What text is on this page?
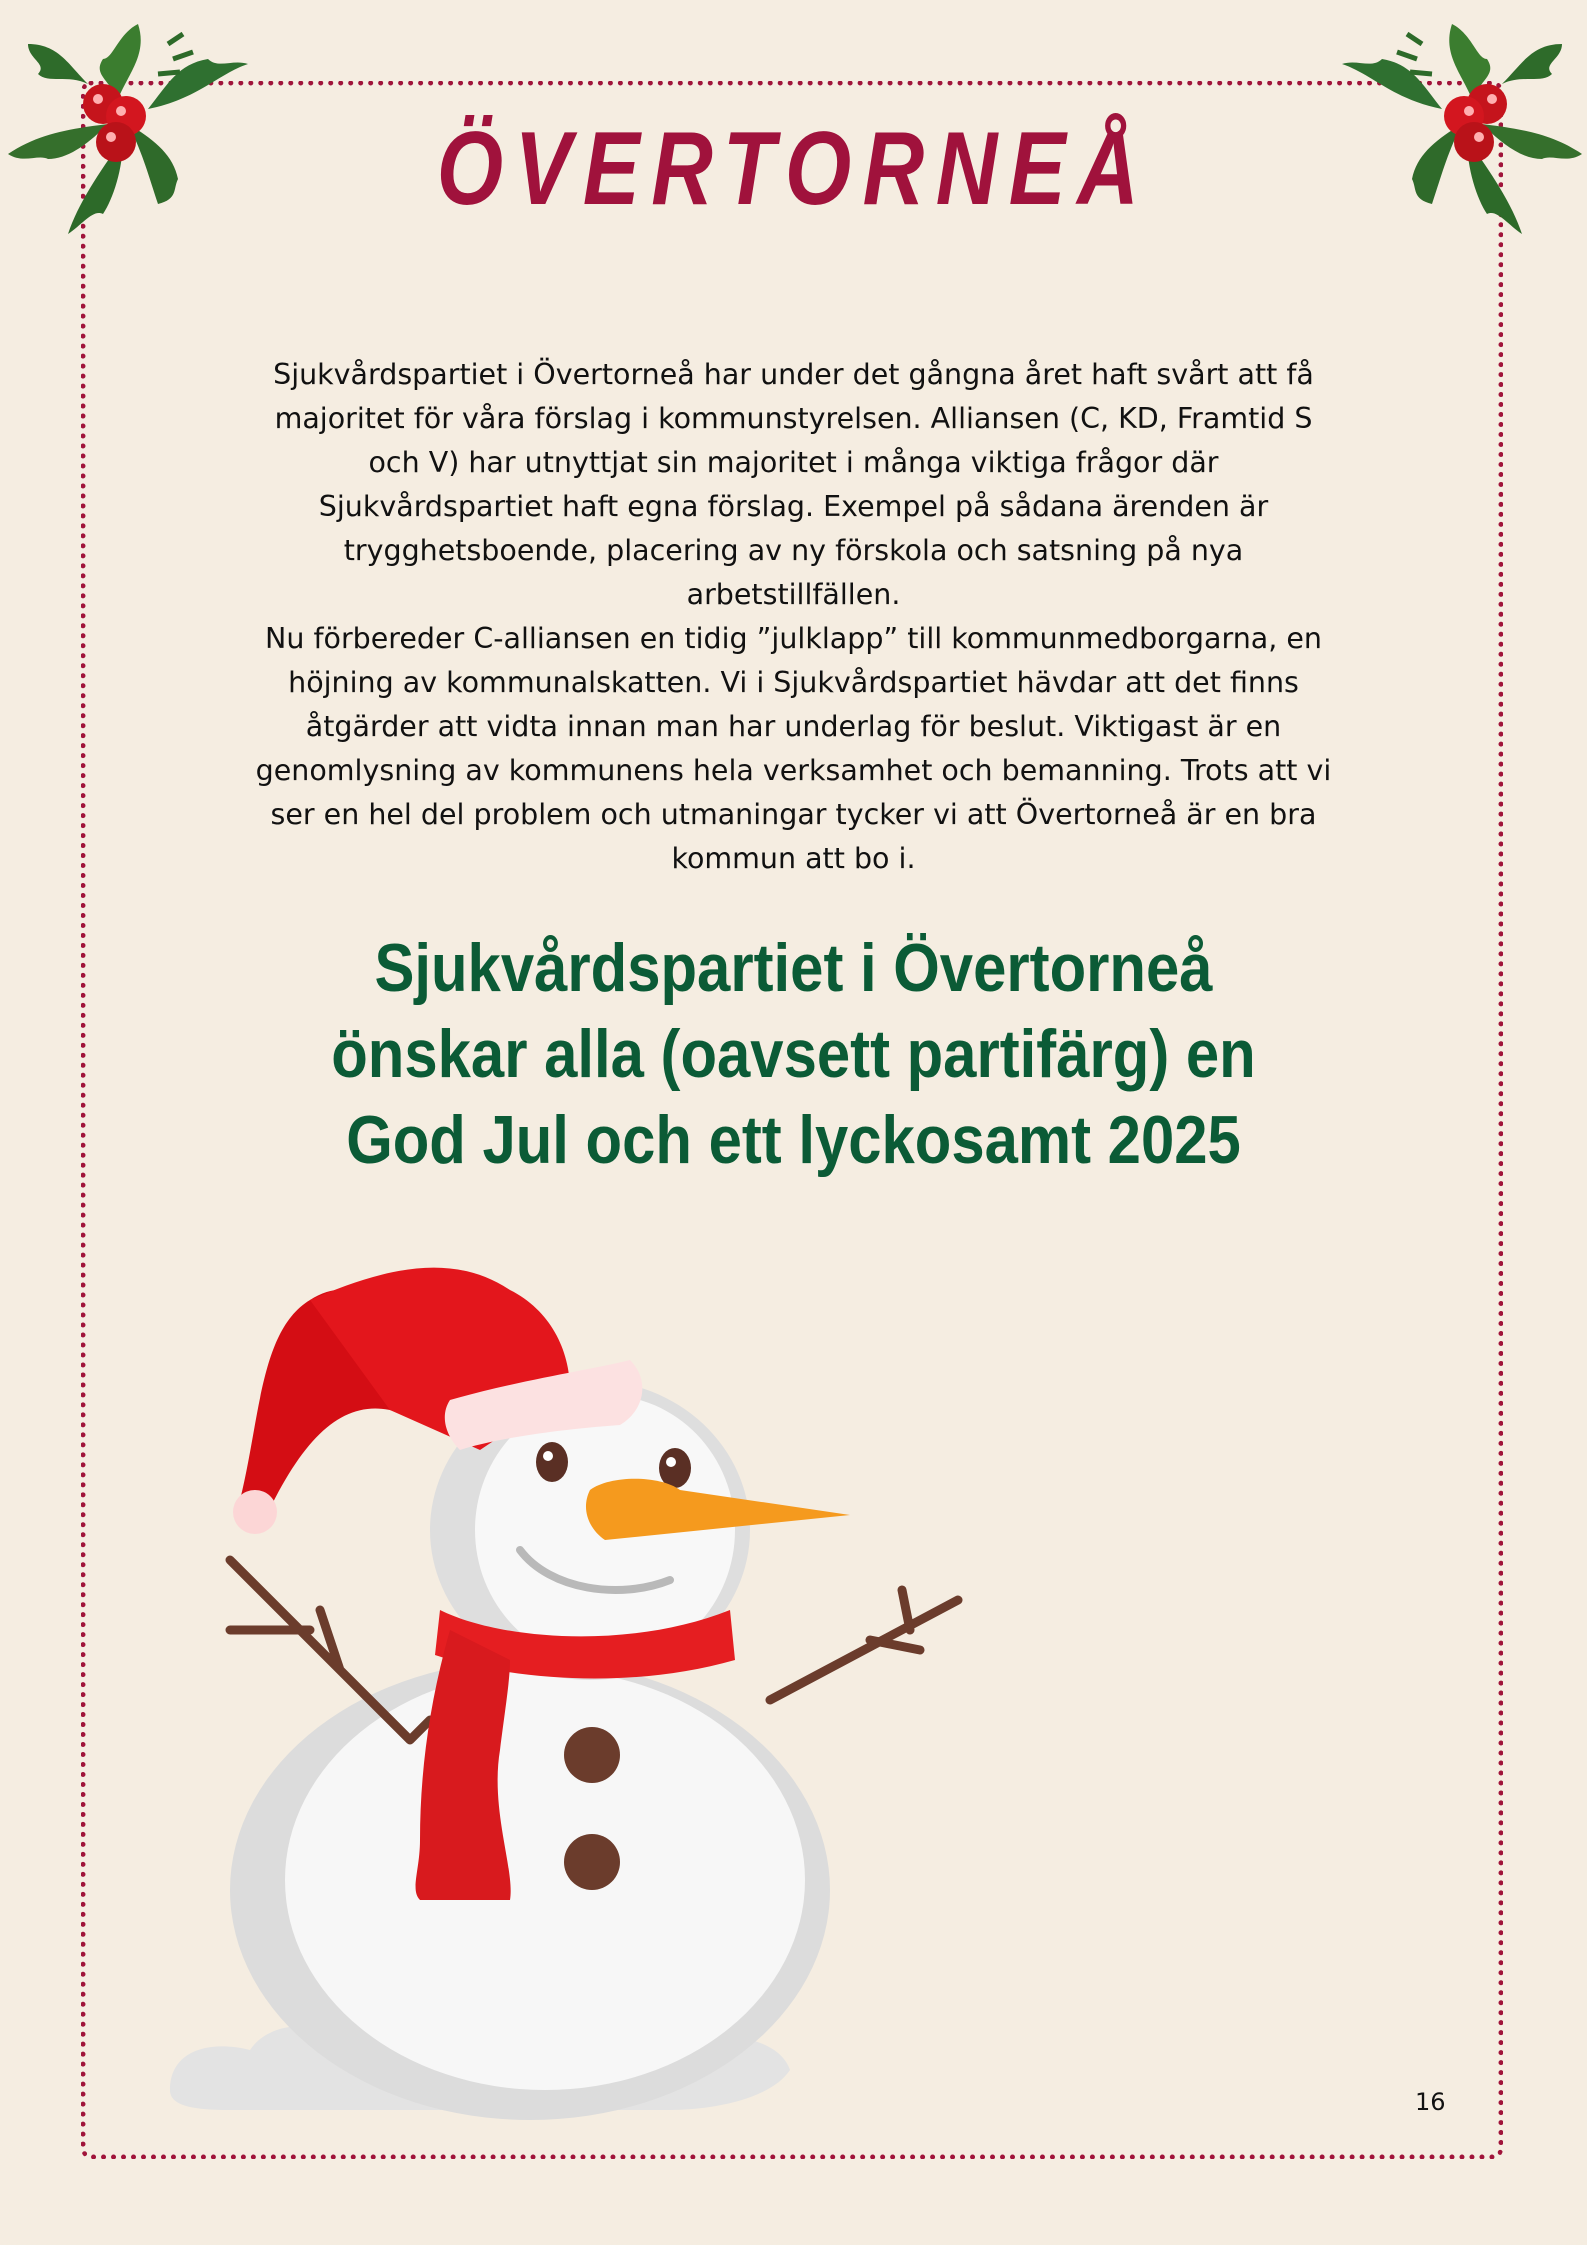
ÖVERTORNEÅ

Sjukvårdspartiet i Övertorneå har under det gångna året haft svårt att få majoritet för våra förslag i kommunstyrelsen. Alliansen (C, KD, Framtid S och V) har utnyttjat sin majoritet i många viktiga frågor där Sjukvårdspartiet haft egna förslag. Exempel på sådana ärenden är trygghetsboende, placering av ny förskola och satsning på nya arbetstillfällen.

Nu förbereder C-alliansen en tidig ”julklapp” till kommunmedborgarna, en höjning av kommunalskatten. Vi i Sjukvårdspartiet hävdar att det finns åtgärder att vidta innan man har underlag för beslut. Viktigast är en genomlysning av kommunens hela verksamhet och bemanning. Trots att vi ser en hel del problem och utmaningar tycker vi att Övertorneå är en bra kommun att bo i.

Sjukvårdspartiet i Övertorneå önskar alla (oavsett partifärg) en God Jul och ett lyckosamt 2025
16
